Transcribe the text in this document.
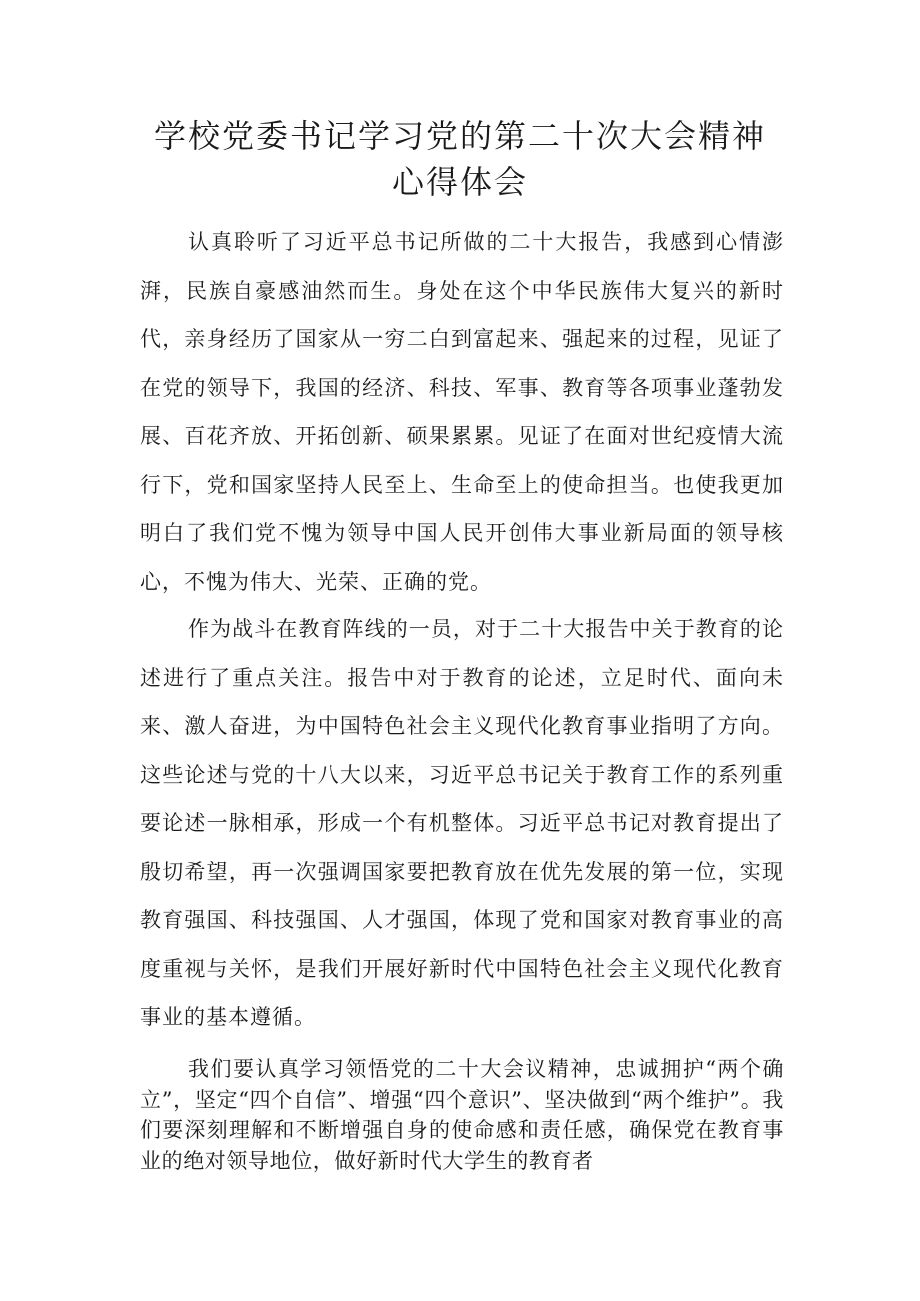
学校党委书记学习党的第二十次大会精神
心得体会

认真聆听了习近平总书记所做的二十大报告，我感到心情澎湃，民族自豪感油然而生。身处在这个中华民族伟大复兴的新时代，亲身经历了国家从一穷二白到富起来、强起来的过程，见证了在党的领导下，我国的经济、科技、军事、教育等各项事业蓬勃发展、百花齐放、开拓创新、硕果累累。见证了在面对世纪疫情大流行下，党和国家坚持人民至上、生命至上的使命担当。也使我更加明白了我们党不愧为领导中国人民开创伟大事业新局面的领导核心，不愧为伟大、光荣、正确的党。

作为战斗在教育阵线的一员，对于二十大报告中关于教育的论述进行了重点关注。报告中对于教育的论述，立足时代、面向未来、激人奋进，为中国特色社会主义现代化教育事业指明了方向。这些论述与党的十八大以来，习近平总书记关于教育工作的系列重要论述一脉相承，形成一个有机整体。习近平总书记对教育提出了殷切希望，再一次强调国家要把教育放在优先发展的第一位，实现教育强国、科技强国、人才强国，体现了党和国家对教育事业的高度重视与关怀，是我们开展好新时代中国特色社会主义现代化教育事业的基本遵循。

我们要认真学习领悟党的二十大会议精神，忠诚拥护“两个确立”，坚定“四个自信”、增强“四个意识”、坚决做到“两个维护”。我们要深刻理解和不断增强自身的使命感和责任感，确保党在教育事业的绝对领导地位，做好新时代大学生的教育者
